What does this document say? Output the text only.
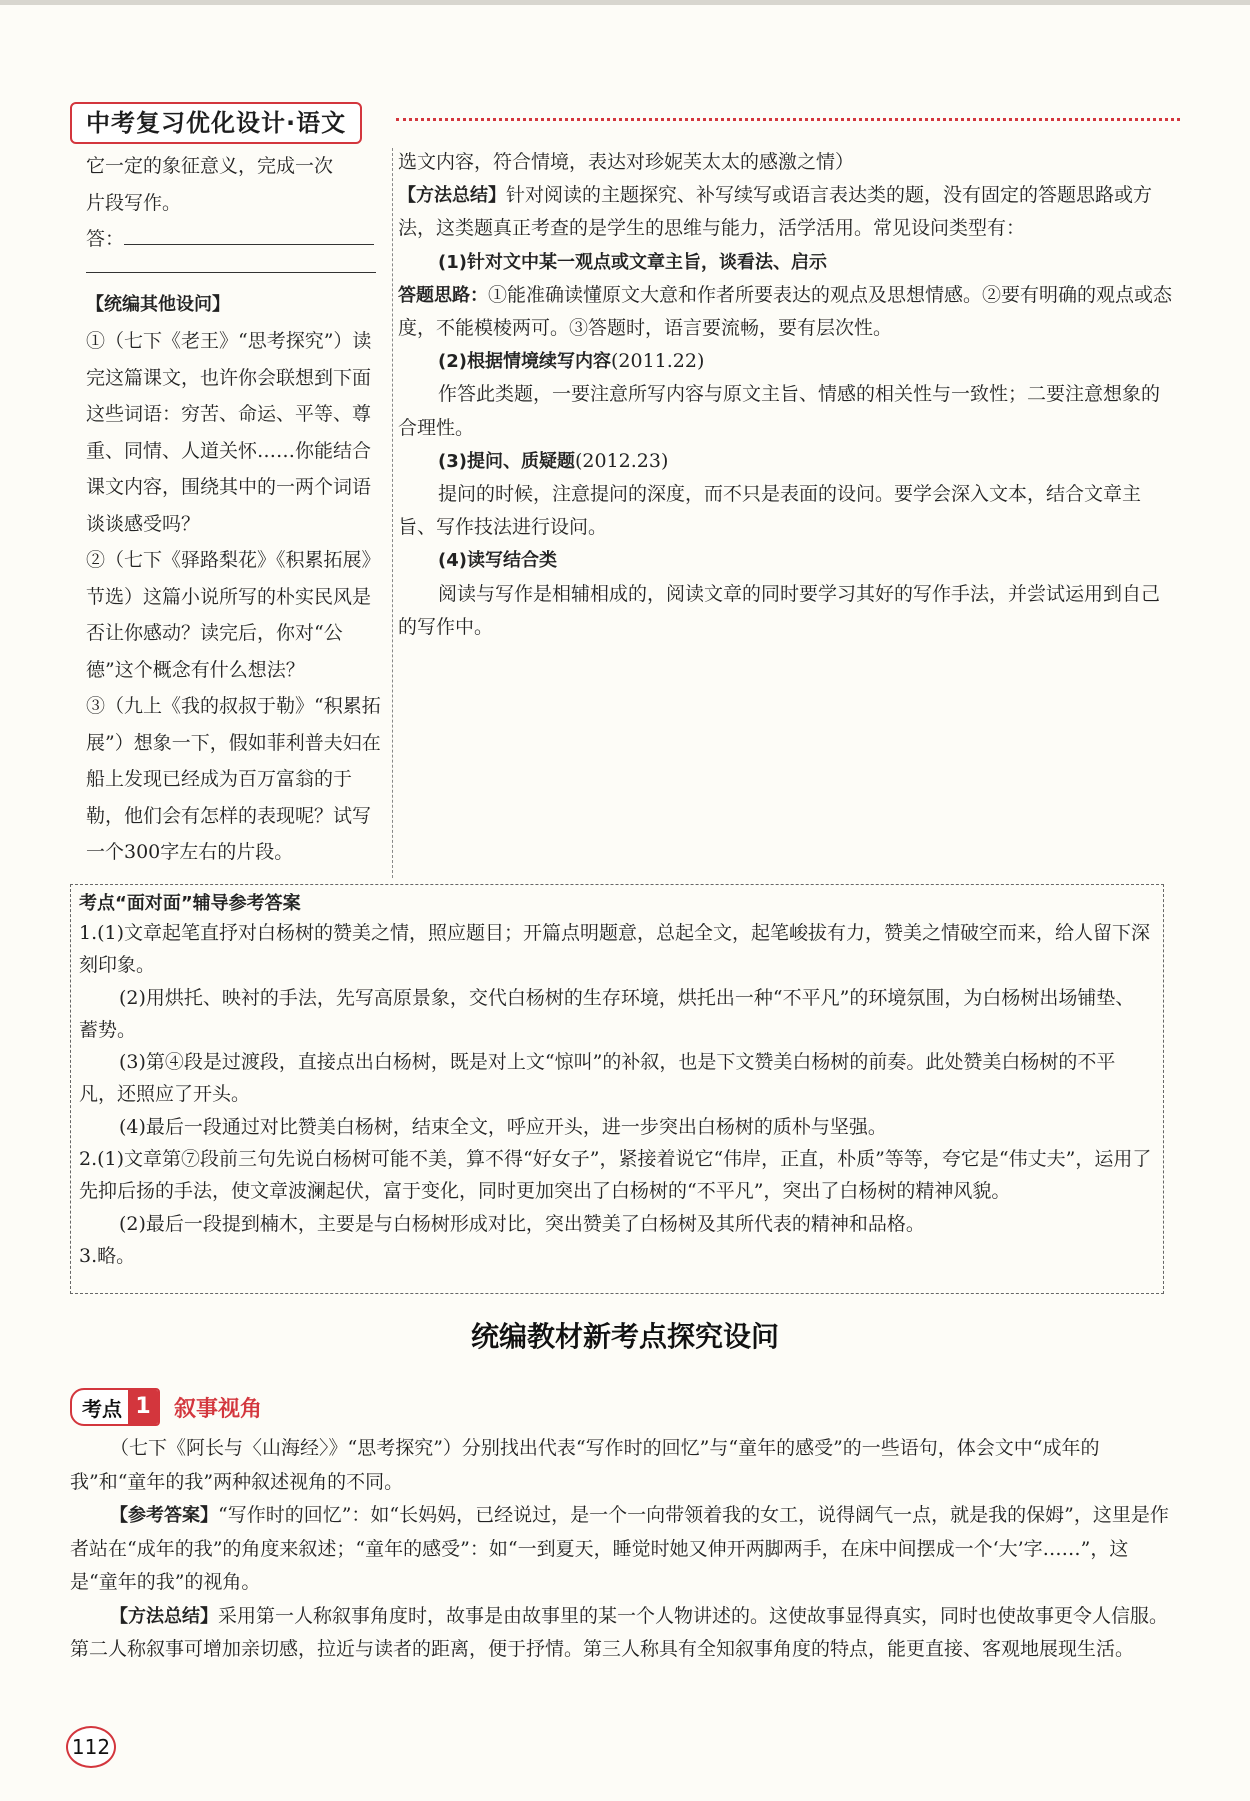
中考复习优化设计·语文

它一定的象征意义，完成一次

片段写作。

答：

【统编其他设问】

①（七下《老王》“思考探究”）读完这篇课文，也许你会联想到下面这些词语：穷苦、命运、平等、尊重、同情、人道关怀……你能结合课文内容，围绕其中的一两个词语谈谈感受吗？

②（七下《驿路梨花》《积累拓展》节选）这篇小说所写的朴实民风是否让你感动？读完后，你对“公德”这个概念有什么想法？

③（九上《我的叔叔于勒》“积累拓展”）想象一下，假如菲利普夫妇在船上发现已经成为百万富翁的于勒，他们会有怎样的表现呢？试写一个300字左右的片段。

选文内容，符合情境，表达对珍妮芙太太的感激之情）

【方法总结】针对阅读的主题探究、补写续写或语言表达类的题，没有固定的答题思路或方法，这类题真正考查的是学生的思维与能力，活学活用。常见设问类型有：

(1)针对文中某一观点或文章主旨，谈看法、启示

答题思路：①能准确读懂原文大意和作者所要表达的观点及思想情感。②要有明确的观点或态度，不能模棱两可。③答题时，语言要流畅，要有层次性。

(2)根据情境续写内容(2011.22)

作答此类题，一要注意所写内容与原文主旨、情感的相关性与一致性；二要注意想象的合理性。

(3)提问、质疑题(2012.23)

提问的时候，注意提问的深度，而不只是表面的设问。要学会深入文本，结合文章主旨、写作技法进行设问。

(4)读写结合类

阅读与写作是相辅相成的，阅读文章的同时要学习其好的写作手法，并尝试运用到自己的写作中。

考点“面对面”辅导参考答案

1.(1)文章起笔直抒对白杨树的赞美之情，照应题目；开篇点明题意，总起全文，起笔峻拔有力，赞美之情破空而来，给人留下深刻印象。

(2)用烘托、映衬的手法，先写高原景象，交代白杨树的生存环境，烘托出一种“不平凡”的环境氛围，为白杨树出场铺垫、蓄势。

(3)第④段是过渡段，直接点出白杨树，既是对上文“惊叫”的补叙，也是下文赞美白杨树的前奏。此处赞美白杨树的不平凡，还照应了开头。

(4)最后一段通过对比赞美白杨树，结束全文，呼应开头，进一步突出白杨树的质朴与坚强。

2.(1)文章第⑦段前三句先说白杨树可能不美，算不得“好女子”，紧接着说它“伟岸，正直，朴质”等等，夸它是“伟丈夫”，运用了先抑后扬的手法，使文章波澜起伏，富于变化，同时更加突出了白杨树的“不平凡”，突出了白杨树的精神风貌。

(2)最后一段提到楠木，主要是与白杨树形成对比，突出赞美了白杨树及其所代表的精神和品格。

3.略。

统编教材新考点探究设问
考点 1	叙事视角

（七下《阿长与〈山海经〉》“思考探究”）分别找出代表“写作时的回忆”与“童年的感受”的一些语句，体会文中“成年的我”和“童年的我”两种叙述视角的不同。

【参考答案】“写作时的回忆”：如“长妈妈，已经说过，是一个一向带领着我的女工，说得阔气一点，就是我的保姆”，这里是作者站在“成年的我”的角度来叙述；“童年的感受”：如“一到夏天，睡觉时她又伸开两脚两手，在床中间摆成一个‘大’字……”，这是“童年的我”的视角。

【方法总结】采用第一人称叙事角度时，故事是由故事里的某一个人物讲述的。这使故事显得真实，同时也使故事更令人信服。第二人称叙事可增加亲切感，拉近与读者的距离，便于抒情。第三人称具有全知叙事角度的特点，能更直接、客观地展现生活。

112
